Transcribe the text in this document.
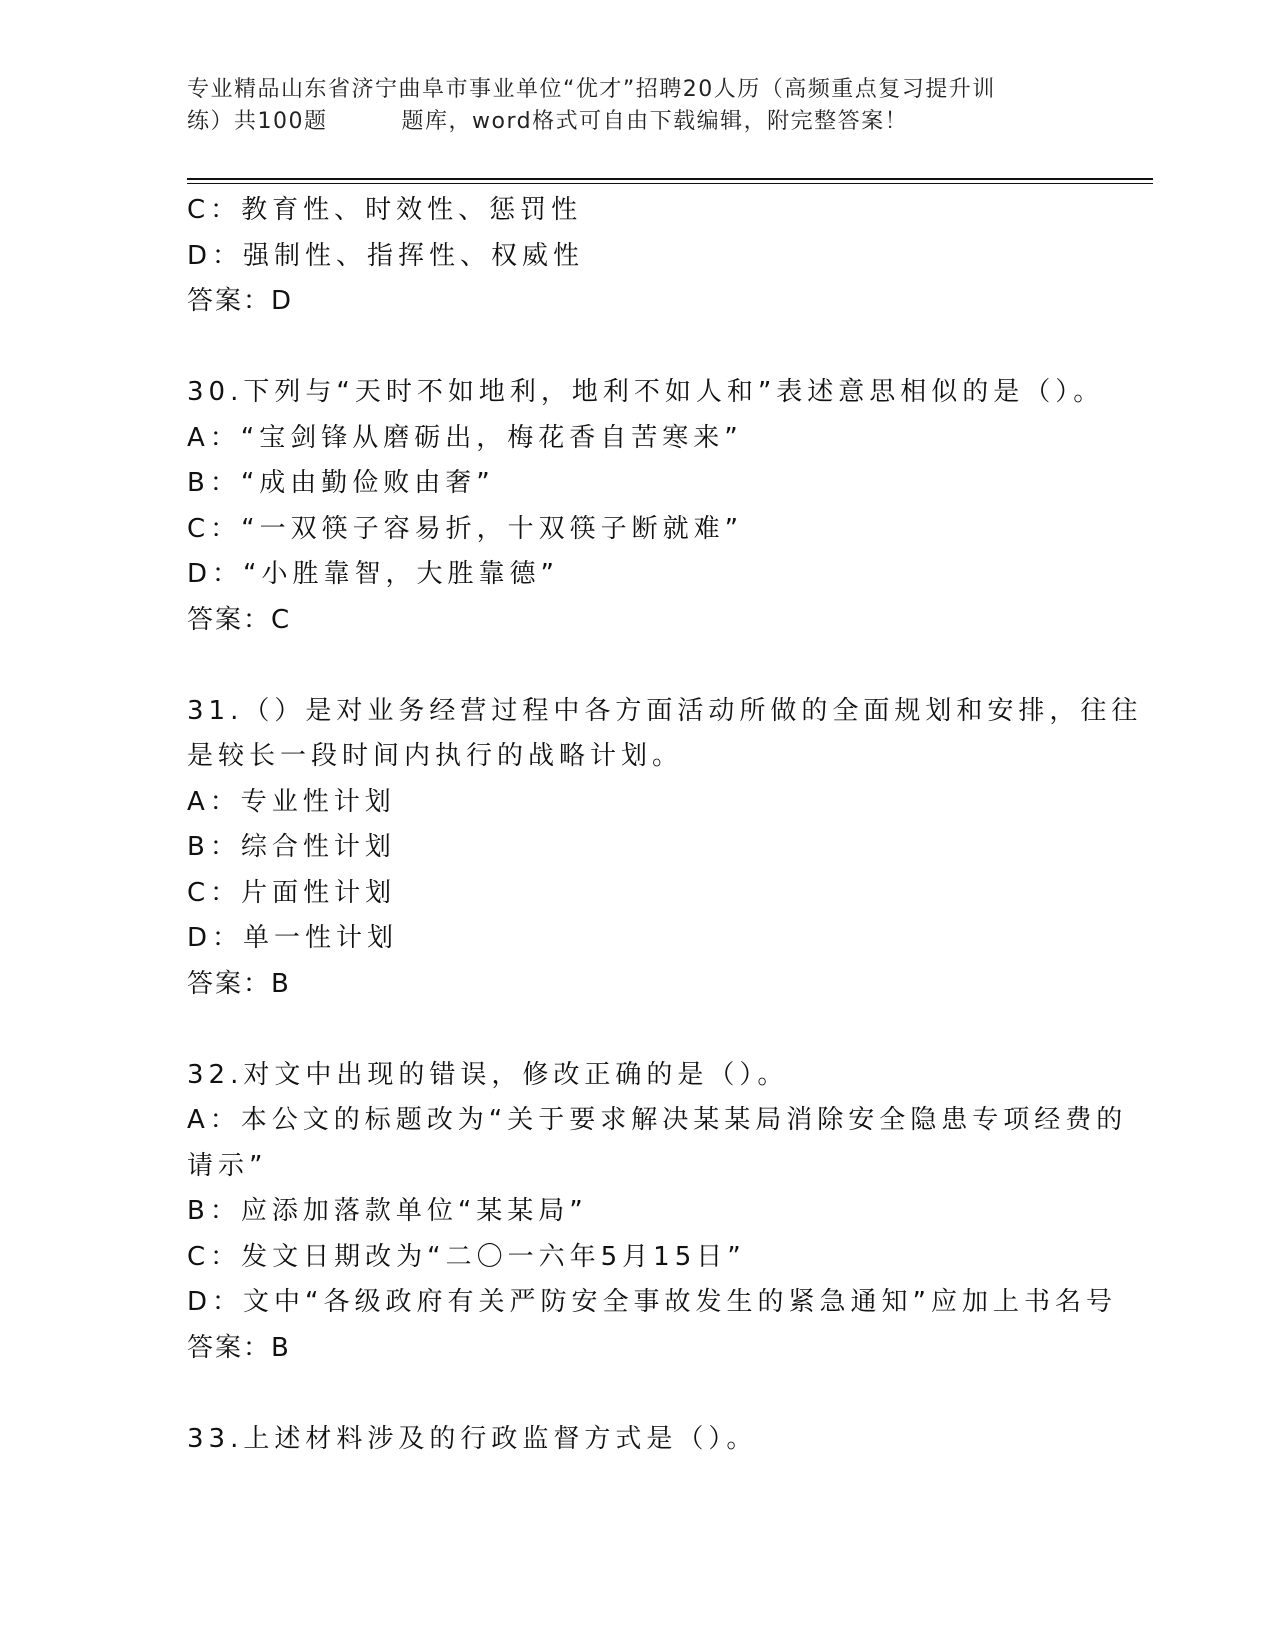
专业精品山东省济宁曲阜市事业单位“优才”招聘20人历（高频重点复习提升训
练）共100题	题库，word格式可自由下载编辑，附完整答案！
C：教育性、时效性、惩罚性
D：强制性、指挥性、权威性
答案：D
30.下列与“天时不如地利，地利不如人和”表述意思相似的是（）。
A：“宝剑锋从磨砺出，梅花香自苦寒来”
B：“成由勤俭败由奢”
C：“一双筷子容易折，十双筷子断就难”
D：“小胜靠智，大胜靠德”
答案：C
31.（）是对业务经营过程中各方面活动所做的全面规划和安排，往往
是较长一段时间内执行的战略计划。
A：专业性计划
B：综合性计划
C：片面性计划
D：单一性计划
答案：B
32.对文中出现的错误，修改正确的是（）。
A：本公文的标题改为“关于要求解决某某局消除安全隐患专项经费的
请示”
B：应添加落款单位“某某局”
C：发文日期改为“二〇一六年5月15日”
D：文中“各级政府有关严防安全事故发生的紧急通知”应加上书名号
答案：B
33.上述材料涉及的行政监督方式是（）。
